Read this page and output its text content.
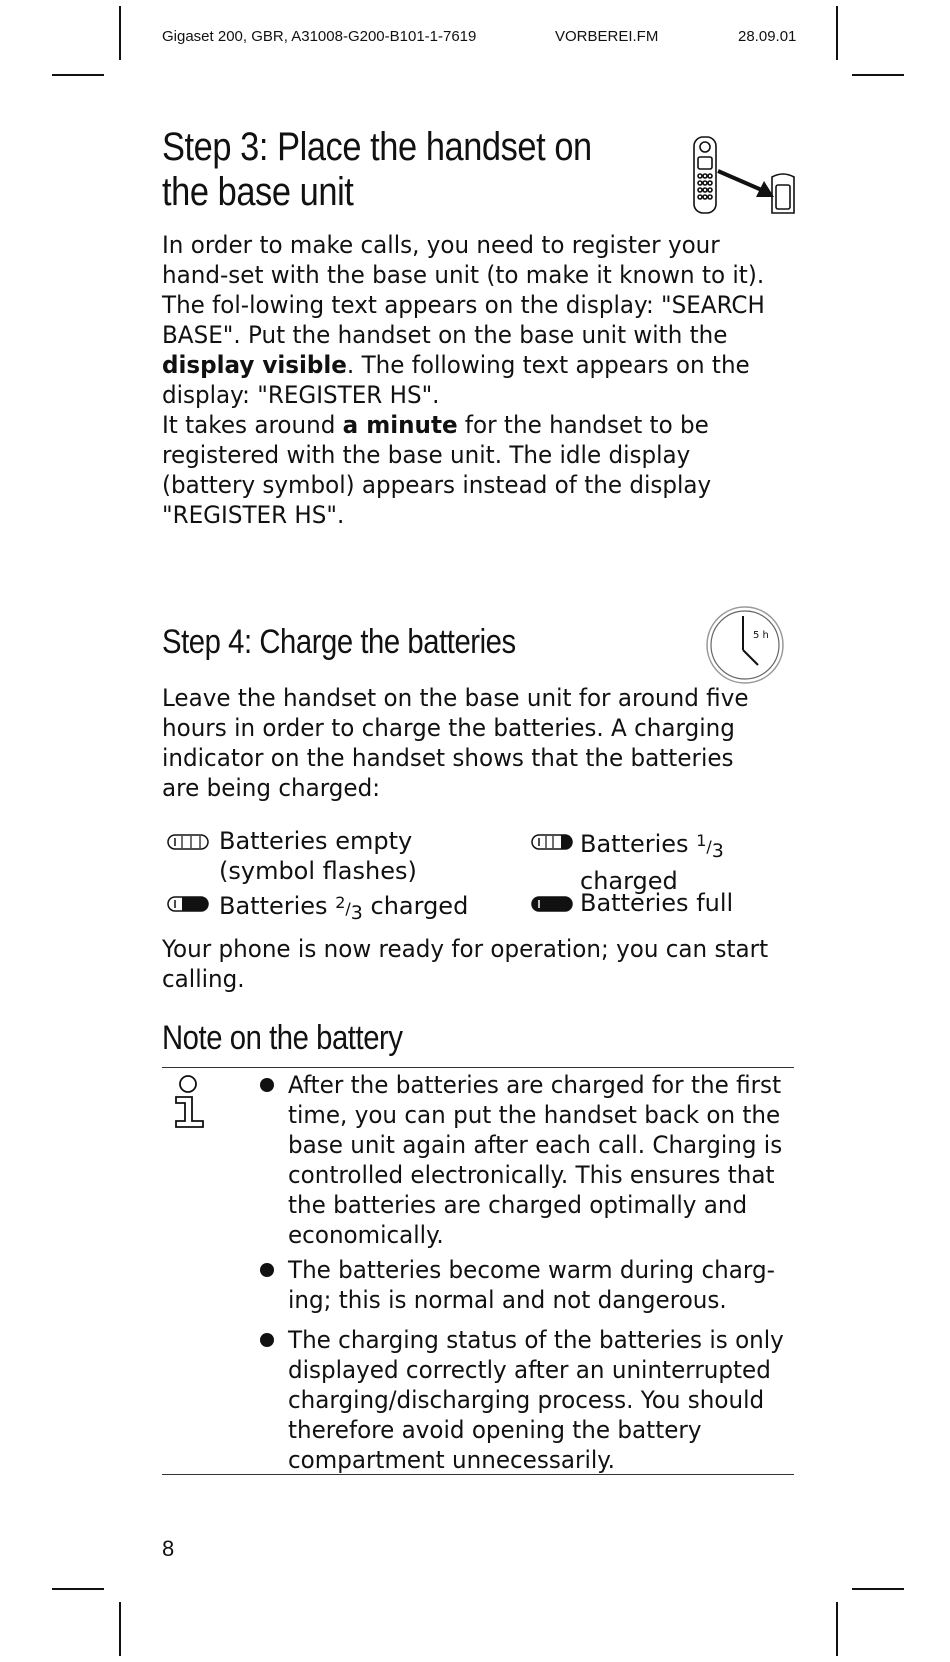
Gigaset 200, GBR, A31008-G200-B101-1-7619	VORBEREI.FM	28.09.01
Step 3: Place the handset on
the base unit

In order to make calls, you need to register your hand-set with the base unit (to make it known to it). The fol-lowing text appears on the display: "SEARCH BASE". Put the handset on the base unit with the display visible. The following text appears on the display: "REGISTER HS".

It takes around a minute for the handset to be registered with the base unit. The idle display (battery symbol) appears instead of the display "REGISTER HS".

Step 4: Charge the batteries	5 h

Leave the handset on the base unit for around five hours in order to charge the batteries. A charging indicator on the handset shows that the batteries are being charged:

Batteries empty
(symbol flashes)
Batteries $^2/_3$ charged
Batteries $^1/_3$
charged
Batteries full

Your phone is now ready for operation; you can start calling.

Note on the battery

After the batteries are charged for the first time, you can put the handset back on the base unit again after each call. Charging is controlled electronically. This ensures that the batteries are charged optimally and economically.

The batteries become warm during charg-ing; this is normal and not dangerous.

The charging status of the batteries is only displayed correctly after an uninterrupted charging/discharging process. You should therefore avoid opening the battery compartment unnecessarily.

8
